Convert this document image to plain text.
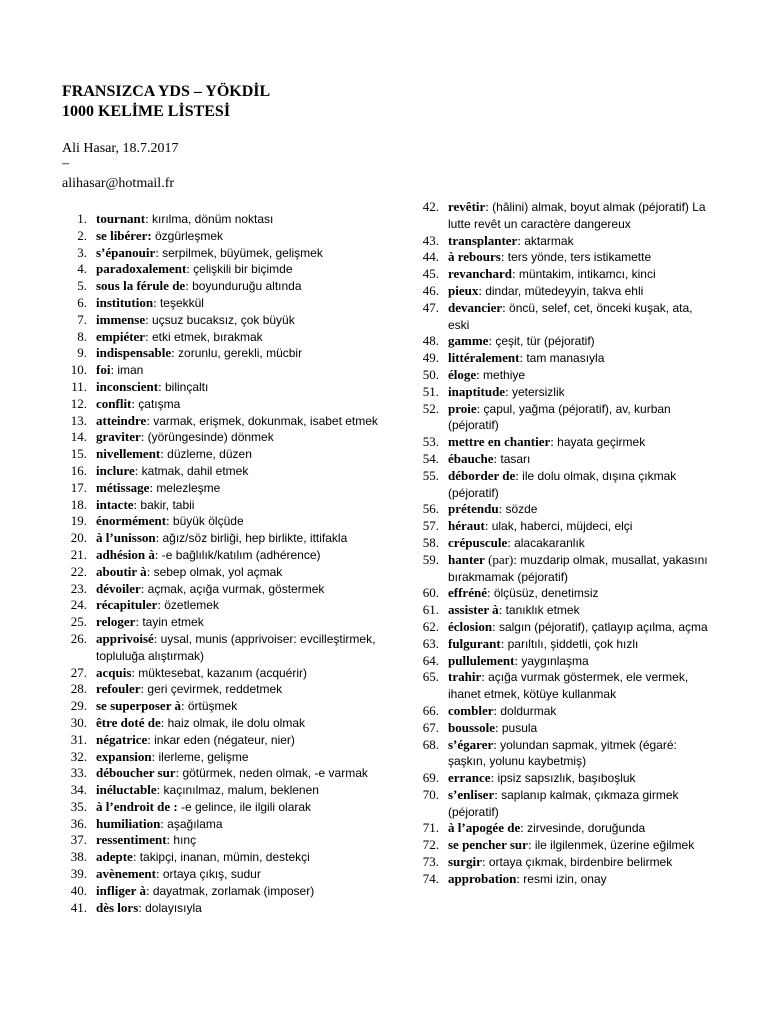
FRANSIZCA YDS – YÖKDİL
1000 KELİME LİSTESİ
Ali Hasar, 18.7.2017
–
alihasar@hotmail.fr
1. tournant: kırılma, dönüm noktası
2. se libérer: özgürleşmek
3. s’épanouir: serpilmek, büyümek, gelişmek
4. paradoxalement: çelişkili bir biçimde
5. sous la férule de: boyunduruğu altında
6. institution: teşekkül
7. immense: uçsuz bucaksız, çok büyük
8. empiéter: etki etmek, bırakmak
9. indispensable: zorunlu, gerekli, mücbir
10. foi: iman
11. inconscient: bilinçaltı
12. conflit: çatışma
13. atteindre: varmak, erişmek, dokunmak, isabet etmek
14. graviter: (yörüngesinde) dönmek
15. nivellement: düzleme, düzen
16. inclure: katmak, dahil etmek
17. métissage: melezleşme
18. intacte: bakir, tabii
19. énormément: büyük ölçüde
20. à l’unisson: ağız/söz birliği, hep birlikte, ittifakla
21. adhésion à: -e bağlılık/katılım (adhérence)
22. aboutir à: sebep olmak, yol açmak
23. dévoiler: açmak, açığa vurmak, göstermek
24. récapituler: özetlemek
25. reloger: tayin etmek
26. apprivoisé: uysal, munis (apprivoiser: evcilleştirmek, topluluğa alıştırmak)
27. acquis: müktesebat, kazanım (acquérir)
28. refouler: geri çevirmek, reddetmek
29. se superposer à: örtüşmek
30. être doté de: haiz olmak, ile dolu olmak
31. négatrice: inkar eden (négateur, nier)
32. expansion: ilerleme, gelişme
33. déboucher sur: götürmek, neden olmak, -e varmak
34. inéluctable: kaçınılmaz, malum, beklenen
35. à l’endroit de : -e gelince, ile ilgili olarak
36. humiliation: aşağılama
37. ressentiment: hınç
38. adepte: takipçi, inanan, mümin, destekçi
39. avènement: ortaya çıkış, sudur
40. infliger à: dayatmak, zorlamak (imposer)
41. dès lors: dolayısıyla
42. revêtir: (hâlini) almak, boyut almak (péjoratif) La lutte revêt un caractère dangereux
43. transplanter: aktarmak
44. à rebours: ters yönde, ters istikamette
45. revanchard: müntakim, intikamcı, kinci
46. pieux: dindar, mütedeyyin, takva ehli
47. devancier: öncü, selef, cet, önceki kuşak, ata, eski
48. gamme: çeşit, tür (péjoratif)
49. littéralement: tam manasıyla
50. éloge: methiye
51. inaptitude: yetersizlik
52. proie: çapul, yağma (péjoratif), av, kurban (péjoratif)
53. mettre en chantier: hayata geçirmek
54. ébauche: tasarı
55. déborder de: ile dolu olmak, dışına çıkmak (péjoratif)
56. prétendu: sözde
57. héraut: ulak, haberci, müjdeci, elçi
58. crépuscule: alacakaranlık
59. hanter (par): muzdarip olmak, musallat, yakasını bırakmamak (péjoratif)
60. effréné: ölçüsüz, denetimsiz
61. assister à: tanıklık etmek
62. éclosion: salgın (péjoratif), çatlayıp açılma, açma
63. fulgurant: parıltılı, şiddetli, çok hızlı
64. pullulement: yaygınlaşma
65. trahir: açığa vurmak göstermek, ele vermek, ihanet etmek, kötüye kullanmak
66. combler: doldurmak
67. boussole: pusula
68. s’égarer: yolundan sapmak, yitmek (égaré: şaşkın, yolunu kaybetmiş)
69. errance: ipsiz sapsızlık, başıboşluk
70. s’enliser: saplanıp kalmak, çıkmaza girmek (péjoratif)
71. à l’apogée de: zirvesinde, doruğunda
72. se pencher sur: ile ilgilenmek, üzerine eğilmek
73. surgir: ortaya çıkmak, birdenbire belirmek
74. approbation: resmi izin, onay
